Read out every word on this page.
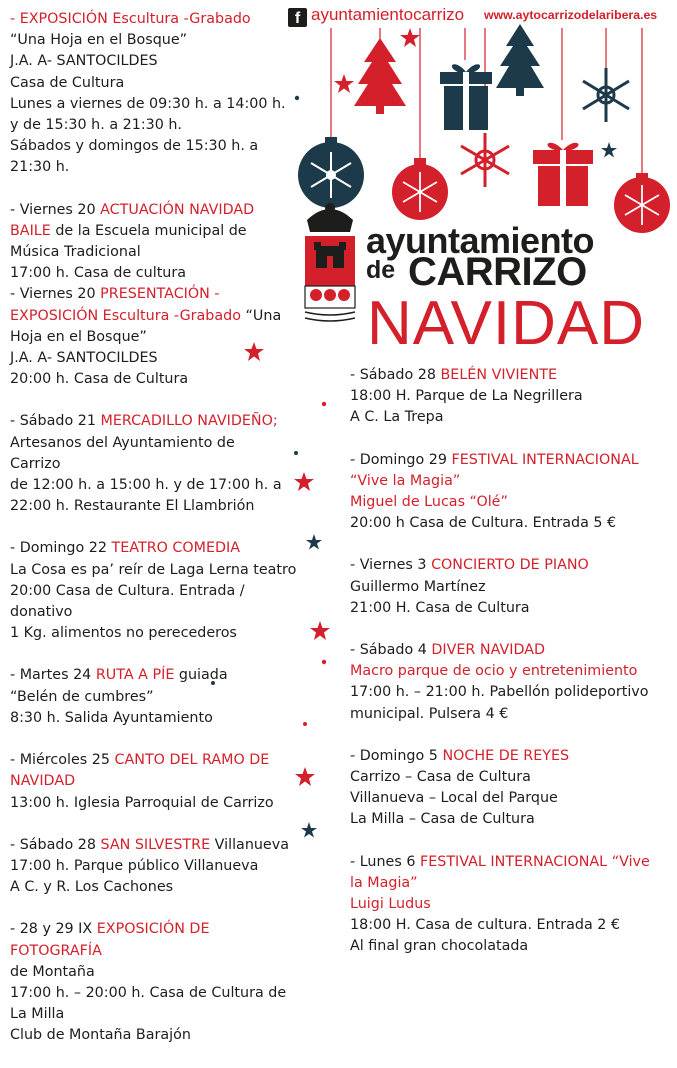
f ayuntamientocarrizo www.aytocarrizodelaribera.es
ayuntamiento
de CARRIZO
NAVIDAD

- EXPOSICIÓN Escultura -Grabado

“Una Hoja en el Bosque”

J.A. A- SANTOCILDES

Casa de Cultura

Lunes a viernes de 09:30 h. a 14:00 h.

y de 15:30 h. a 21:30 h.

Sábados y domingos de 15:30 h. a

21:30 h.

- Viernes 20 ACTUACIÓN NAVIDAD

BAILE de la Escuela municipal de

Música Tradicional

17:00 h. Casa de cultura

- Viernes 20 PRESENTACIÓN -

EXPOSICIÓN Escultura -Grabado “Una

Hoja en el Bosque”

J.A. A- SANTOCILDES

20:00 h. Casa de Cultura

- Sábado 21 MERCADILLO NAVIDEÑO;

Artesanos del Ayuntamiento de

Carrizo

de 12:00 h. a 15:00 h. y de 17:00 h. a

22:00 h. Restaurante El Llambrión

- Domingo 22 TEATRO COMEDIA

La Cosa es pa’ reír de Laga Lerna teatro

20:00 Casa de Cultura. Entrada / donativo

1 Kg. alimentos no perecederos

- Martes 24 RUTA A PÍE guiada

“Belén de cumbres”

8:30 h. Salida Ayuntamiento

- Miércoles 25 CANTO DEL RAMO DE

NAVIDAD

13:00 h. Iglesia Parroquial de Carrizo

- Sábado 28 SAN SILVESTRE Villanueva

17:00 h. Parque público Villanueva

A C. y R. Los Cachones

- 28 y 29 IX EXPOSICIÓN DE FOTOGRAFÍA

de Montaña

17:00 h. – 20:00 h. Casa de Cultura de La Milla

Club de Montaña Barajón

- Sábado 28 BELÉN VIVIENTE

18:00 H. Parque de La Negrillera

A C. La Trepa

- Domingo 29 FESTIVAL INTERNACIONAL

“Vive la Magia”

Miguel de Lucas “Olé”

20:00 h Casa de Cultura. Entrada 5 €

- Viernes 3 CONCIERTO DE PIANO

Guillermo Martínez

21:00 H. Casa de Cultura

- Sábado 4 DIVER NAVIDAD

Macro parque de ocio y entretenimiento

17:00 h. – 21:00 h. Pabellón polideportivo

municipal. Pulsera 4 €

- Domingo 5 NOCHE DE REYES

Carrizo – Casa de Cultura

Villanueva – Local del Parque

La Milla – Casa de Cultura

- Lunes 6 FESTIVAL INTERNACIONAL “Vive

la Magia”

Luigi Ludus

18:00 H. Casa de cultura. Entrada 2 €

Al final gran chocolatada
